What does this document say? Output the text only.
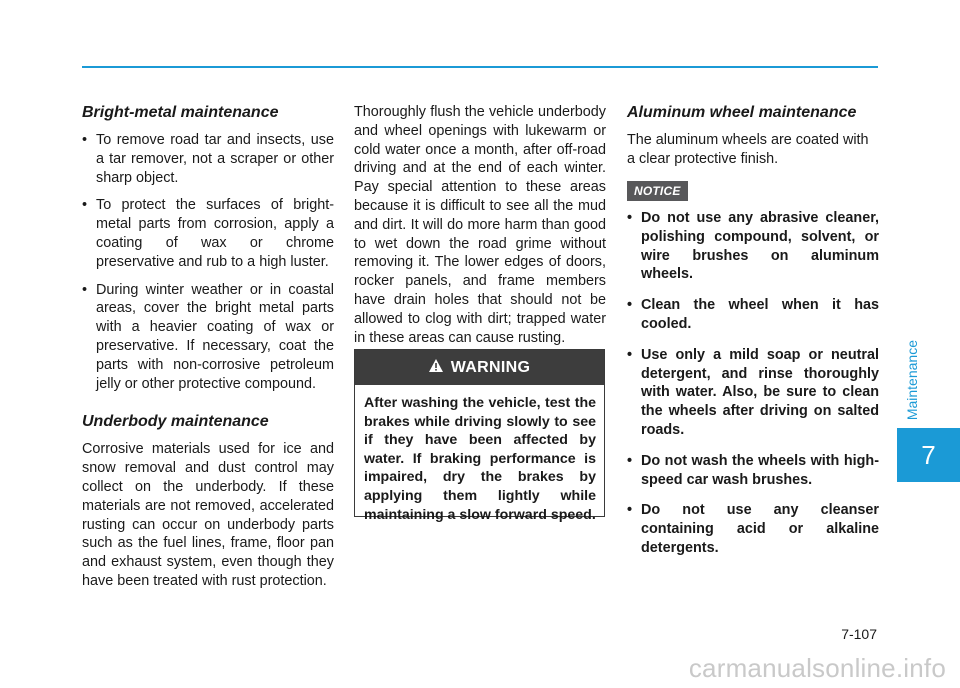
Bright-metal maintenance
• To remove road tar and insects, use a tar remover, not a scraper or other sharp object.
• To protect the surfaces of bright-metal parts from corrosion, apply a coating of wax or chrome preservative and rub to a high luster.
• During winter weather or in coastal areas, cover the bright metal parts with a heavier coating of wax or preservative. If necessary, coat the parts with non-corrosive petroleum jelly or other protective compound.
Underbody maintenance

Corrosive materials used for ice and snow removal and dust control may collect on the underbody. If these materials are not removed, accelerated rusting can occur on underbody parts such as the fuel lines, frame, floor pan and exhaust system, even though they have been treated with rust protection.

Thoroughly flush the vehicle underbody and wheel openings with lukewarm or cold water once a month, after off-road driving and at the end of each winter. Pay special attention to these areas because it is difficult to see all the mud and dirt. It will do more harm than good to wet down the road grime without removing it. The lower edges of doors, rocker panels, and frame members have drain holes that should not be allowed to clog with dirt; trapped water in these areas can cause rusting.

WARNING
After washing the vehicle, test the brakes while driving slowly to see if they have been affected by water. If braking performance is impaired, dry the brakes by applying them lightly while maintaining a slow forward speed.
Aluminum wheel maintenance

The aluminum wheels are coated with a clear protective finish.

NOTICE
• Do not use any abrasive cleaner, polishing compound, solvent, or wire brushes on aluminum wheels.
• Clean the wheel when it has cooled.
• Use only a mild soap or neutral detergent, and rinse thoroughly with water. Also, be sure to clean the wheels after driving on salted roads.
• Do not wash the wheels with high-speed car wash brushes.
• Do not use any cleanser containing acid or alkaline detergents.
Maintenance
7
7-107
carmanualsonline.info
